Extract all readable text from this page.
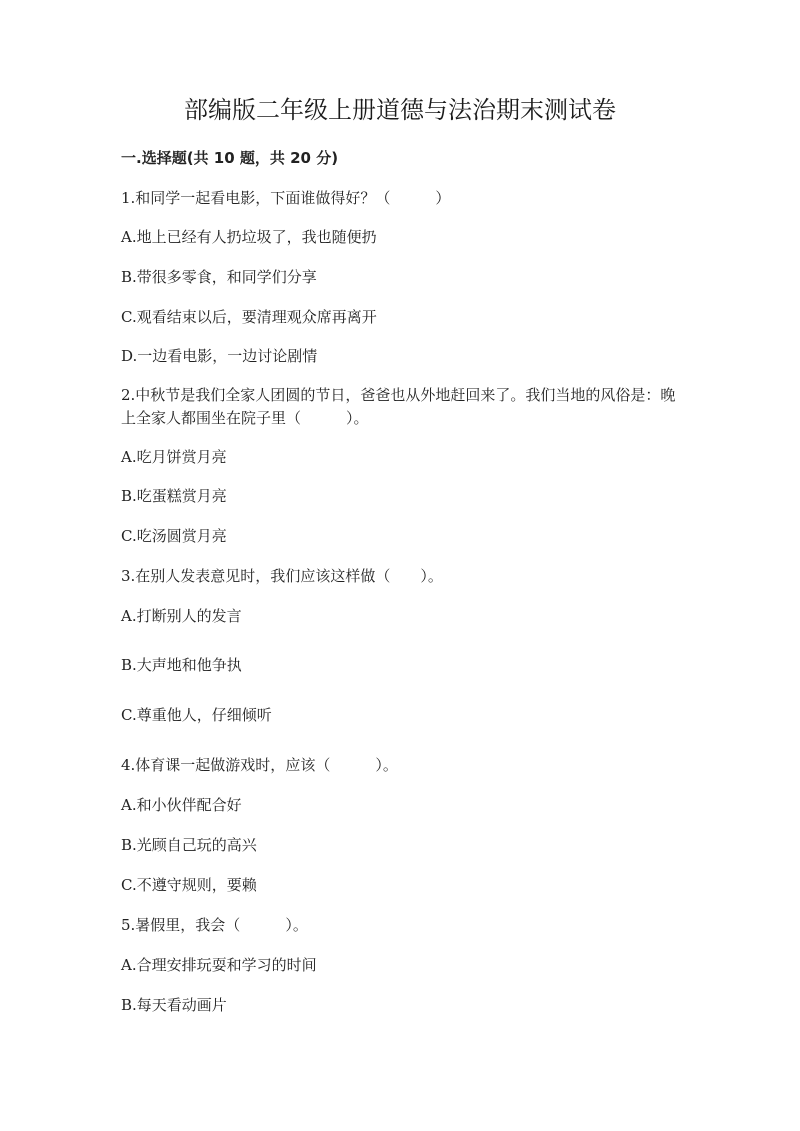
部编版二年级上册道德与法治期末测试卷
一.选择题(共 10 题，共 20 分)
1.和同学一起看电影，下面谁做得好？（　　　）
A.地上已经有人扔垃圾了，我也随便扔
B.带很多零食，和同学们分享
C.观看结束以后，要清理观众席再离开
D.一边看电影，一边讨论剧情
2.中秋节是我们全家人团圆的节日，爸爸也从外地赶回来了。我们当地的风俗是：晚上全家人都围坐在院子里（　　　）。
A.吃月饼赏月亮
B.吃蛋糕赏月亮
C.吃汤圆赏月亮
3.在别人发表意见时，我们应该这样做（　　）。
A.打断别人的发言
B.大声地和他争执
C.尊重他人，仔细倾听
4.体育课一起做游戏时，应该（　　　）。
A.和小伙伴配合好
B.光顾自己玩的高兴
C.不遵守规则，要赖
5.暑假里，我会（　　　）。
A.合理安排玩耍和学习的时间
B.每天看动画片
